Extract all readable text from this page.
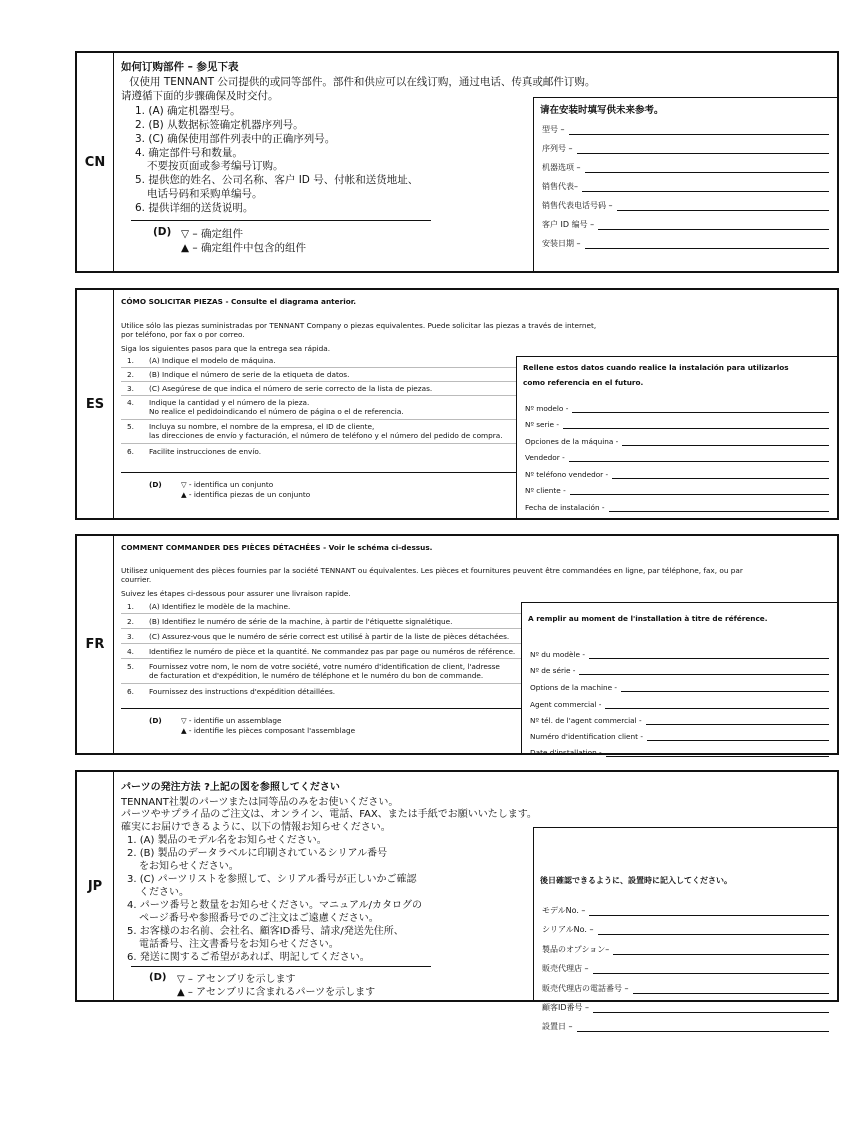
CN
如何订购部件 – 参见下表
仅使用 TENNANT 公司提供的或同等部件。部件和供应可以在线订购，通过电话、传真或邮件订购。
请遵循下面的步骤确保及时交付。
1. (A) 确定机器型号。
2. (B) 从数据标签确定机器序列号。
3. (C) 确保使用部件列表中的正确序列号。
4. 确定部件号和数量。
不要按页面或参考编号订购。
5. 提供您的姓名、公司名称、客户 ID 号、付帐和送货地址、
电话号码和采购单编号。
6. 提供详细的送货说明。
(D) ▽ – 确定组件
▲ – 确定组件中包含的组件
请在安装时填写供未来参考。
型号 –
序列号 –
机器选项 –
销售代表–
销售代表电话号码 –
客户 ID 编号 –
安装日期 –
ES
CÓMO SOLICITAR PIEZAS - Consulte el diagrama anterior.
Utilice sólo las piezas suministradas por TENNANT Company o piezas equivalentes. Puede solicitar las piezas a través de internet,
por teléfono, por fax o por correo.
Siga los siguientes pasos para que la entrega sea rápida.
1. (A) Indique el modelo de máquina.
2. (B) Indique el número de serie de la etiqueta de datos.
3. (C) Asegúrese de que indica el número de serie correcto de la lista de piezas.
4. Indique la cantidad y el número de la pieza.
No realice el pedidoindicando el número de página o el de referencia.
5. Incluya su nombre, el nombre de la empresa, el ID de cliente,
las direcciones de envío y facturación, el número de teléfono y el número del pedido de compra.
6. Facilite instrucciones de envío.
(D)	▽ - identifica un conjunto
▲ - identifica piezas de un conjunto
Rellene estos datos cuando realice la instalación para utilizarlos
como referencia en el futuro.
Nº modelo -
Nº serie -
Opciones de la máquina -
Vendedor -
Nº teléfono vendedor -
Nº cliente -
Fecha de instalación -
FR
COMMENT COMMANDER DES PIÈCES DÉTACHÉES - Voir le schéma ci-dessus.
Utilisez uniquement des pièces fournies par la société TENNANT ou équivalentes. Les pièces et fournitures peuvent être commandées en ligne, par téléphone, fax, ou par
courrier.
Suivez les étapes ci-dessous pour assurer une livraison rapide.
1. (A) Identifiez le modèle de la machine.
2. (B) Identifiez le numéro de série de la machine, à partir de l'étiquette signalétique.
3. (C) Assurez-vous que le numéro de série correct est utilisé à partir de la liste de pièces détachées.
4. Identifiez le numéro de pièce et la quantité. Ne commandez pas par page ou numéros de référence.
5. Fournissez votre nom, le nom de votre société, votre numéro d'identification de client, l'adresse
de facturation et d'expédition, le numéro de téléphone et le numéro du bon de commande.
6. Fournissez des instructions d'expédition détaillées.
(D)	▽ - identifie un assemblage
▲ - identifie les pièces composant l'assemblage
A remplir au moment de l'installation à titre de référence.
Nº du modèle -
Nº de série -
Options de la machine -
Agent commercial -
Nº tél. de l'agent commercial -
Numéro d'identification client -
Date d'installation -
JP
パーツの発注方法 ?上記の図を参照してください
TENNANT社製のパーツまたは同等品のみをお使いください。
パーツやサプライ品のご注文は、オンライン、電話、FAX、または手紙でお願いいたします。
確実にお届けできるように、以下の情報お知らせください。
1. (A) 製品のモデル名をお知らせください。
2. (B) 製品のデータラベルに印刷されているシリアル番号
をお知らせください。
3. (C) パーツリストを参照して、シリアル番号が正しいかご確認
ください。
4. パーツ番号と数量をお知らせください。マニュアル/カタログの
ページ番号や参照番号でのご注文はご遠慮ください。
5. お客様のお名前、会社名、顧客ID番号、請求/発送先住所、
電話番号、注文書番号をお知らせください。
6. 発送に関するご希望があれば、明記してください。
(D) ▽ – アセンブリを示します
▲ – アセンブリに含まれるパーツを示します
後日確認できるように、設置時に記入してください。
モデルNo. –
シリアルNo. –
製品のオプション–
販売代理店 –
販売代理店の電話番号 –
顧客ID番号 –
設置日 –
